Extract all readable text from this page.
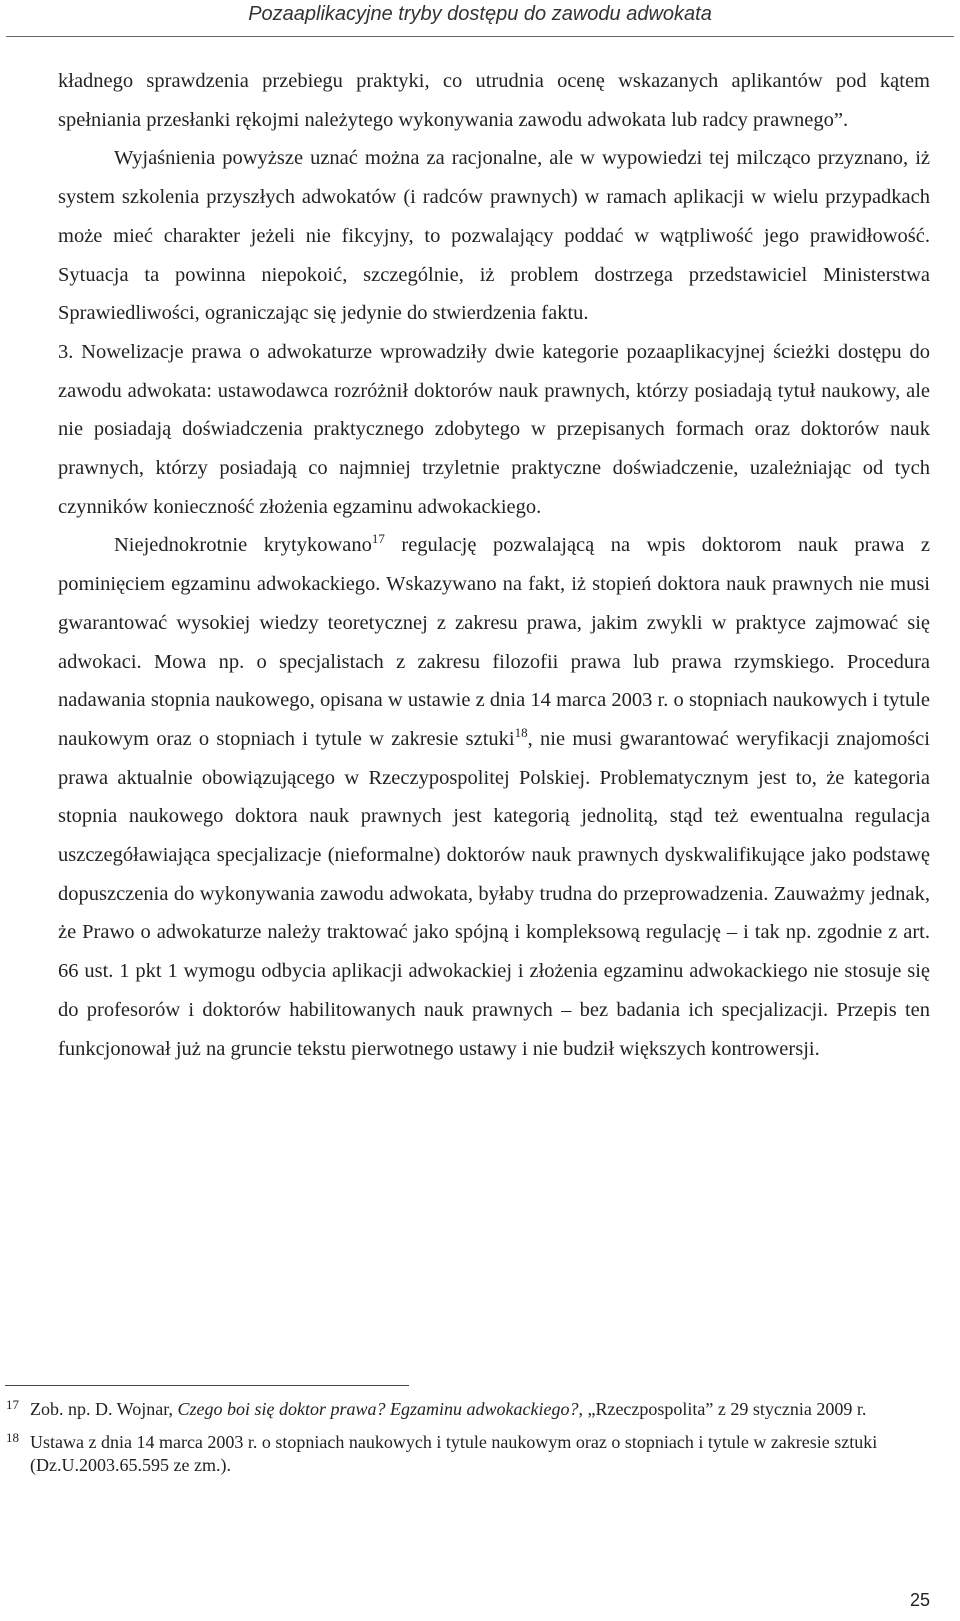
Pozaaplikacyjne tryby dostępu do zawodu adwokata

kładnego sprawdzenia przebiegu praktyki, co utrudnia ocenę wskazanych aplikantów pod kątem spełniania przesłanki rękojmi należytego wykonywania zawodu adwokata lub radcy prawnego”.

Wyjaśnienia powyższe uznać można za racjonalne, ale w wypowiedzi tej milcząco przyznano, iż system szkolenia przyszłych adwokatów (i radców prawnych) w ramach aplikacji w wielu przypadkach może mieć charakter jeżeli nie fikcyjny, to pozwalający poddać w wątpliwość jego prawidłowość. Sytuacja ta powinna niepokoić, szczególnie, iż problem dostrzega przedstawiciel Ministerstwa Sprawiedliwości, ograniczając się jedynie do stwierdzenia faktu.

3. Nowelizacje prawa o adwokaturze wprowadziły dwie kategorie pozaaplikacyjnej ścieżki dostępu do zawodu adwokata: ustawodawca rozróżnił doktorów nauk prawnych, którzy posiadają tytuł naukowy, ale nie posiadają doświadczenia praktycznego zdobytego w przepisanych formach oraz doktorów nauk prawnych, którzy posiadają co najmniej trzyletnie praktyczne doświadczenie, uzależniając od tych czynników konieczność złożenia egzaminu adwokackiego.

Niejednokrotnie krytykowano$^{17}$ regulację pozwalającą na wpis doktorom nauk prawa z pominięciem egzaminu adwokackiego. Wskazywano na fakt, iż stopień doktora nauk prawnych nie musi gwarantować wysokiej wiedzy teoretycznej z zakresu prawa, jakim zwykli w praktyce zajmować się adwokaci. Mowa np. o specjalistach z zakresu filozofii prawa lub prawa rzymskiego. Procedura nadawania stopnia naukowego, opisana w ustawie z dnia 14 marca 2003 r. o stopniach naukowych i tytule naukowym oraz o stopniach i tytule w zakresie sztuki$^{18}$, nie musi gwarantować weryfikacji znajomości prawa aktualnie obowiązującego w Rzeczypospolitej Polskiej. Problematycznym jest to, że kategoria stopnia naukowego doktora nauk prawnych jest kategorią jednolitą, stąd też ewentualna regulacja uszczegóławiająca specjalizacje (nieformalne) doktorów nauk prawnych dyskwalifikujące jako podstawę dopuszczenia do wykonywania zawodu adwokata, byłaby trudna do przeprowadzenia. Zauważmy jednak, że Prawo o adwokaturze należy traktować jako spójną i kompleksową regulację – i tak np. zgodnie z art. 66 ust. 1 pkt 1 wymogu odbycia aplikacji adwokackiej i złożenia egzaminu adwokackiego nie stosuje się do profesorów i doktorów habilitowanych nauk prawnych – bez badania ich specjalizacji. Przepis ten funkcjonował już na gruncie tekstu pierwotnego ustawy i nie budził większych kontrowersji.

17 Zob. np. D. Wojnar, Czego boi się doktor prawa? Egzaminu adwokackiego?, „Rzeczpospolita” z 29 stycznia 2009 r.
18 Ustawa z dnia 14 marca 2003 r. o stopniach naukowych i tytule naukowym oraz o stopniach i tytule w zakresie sztuki (Dz.U.2003.65.595 ze zm.).
25
